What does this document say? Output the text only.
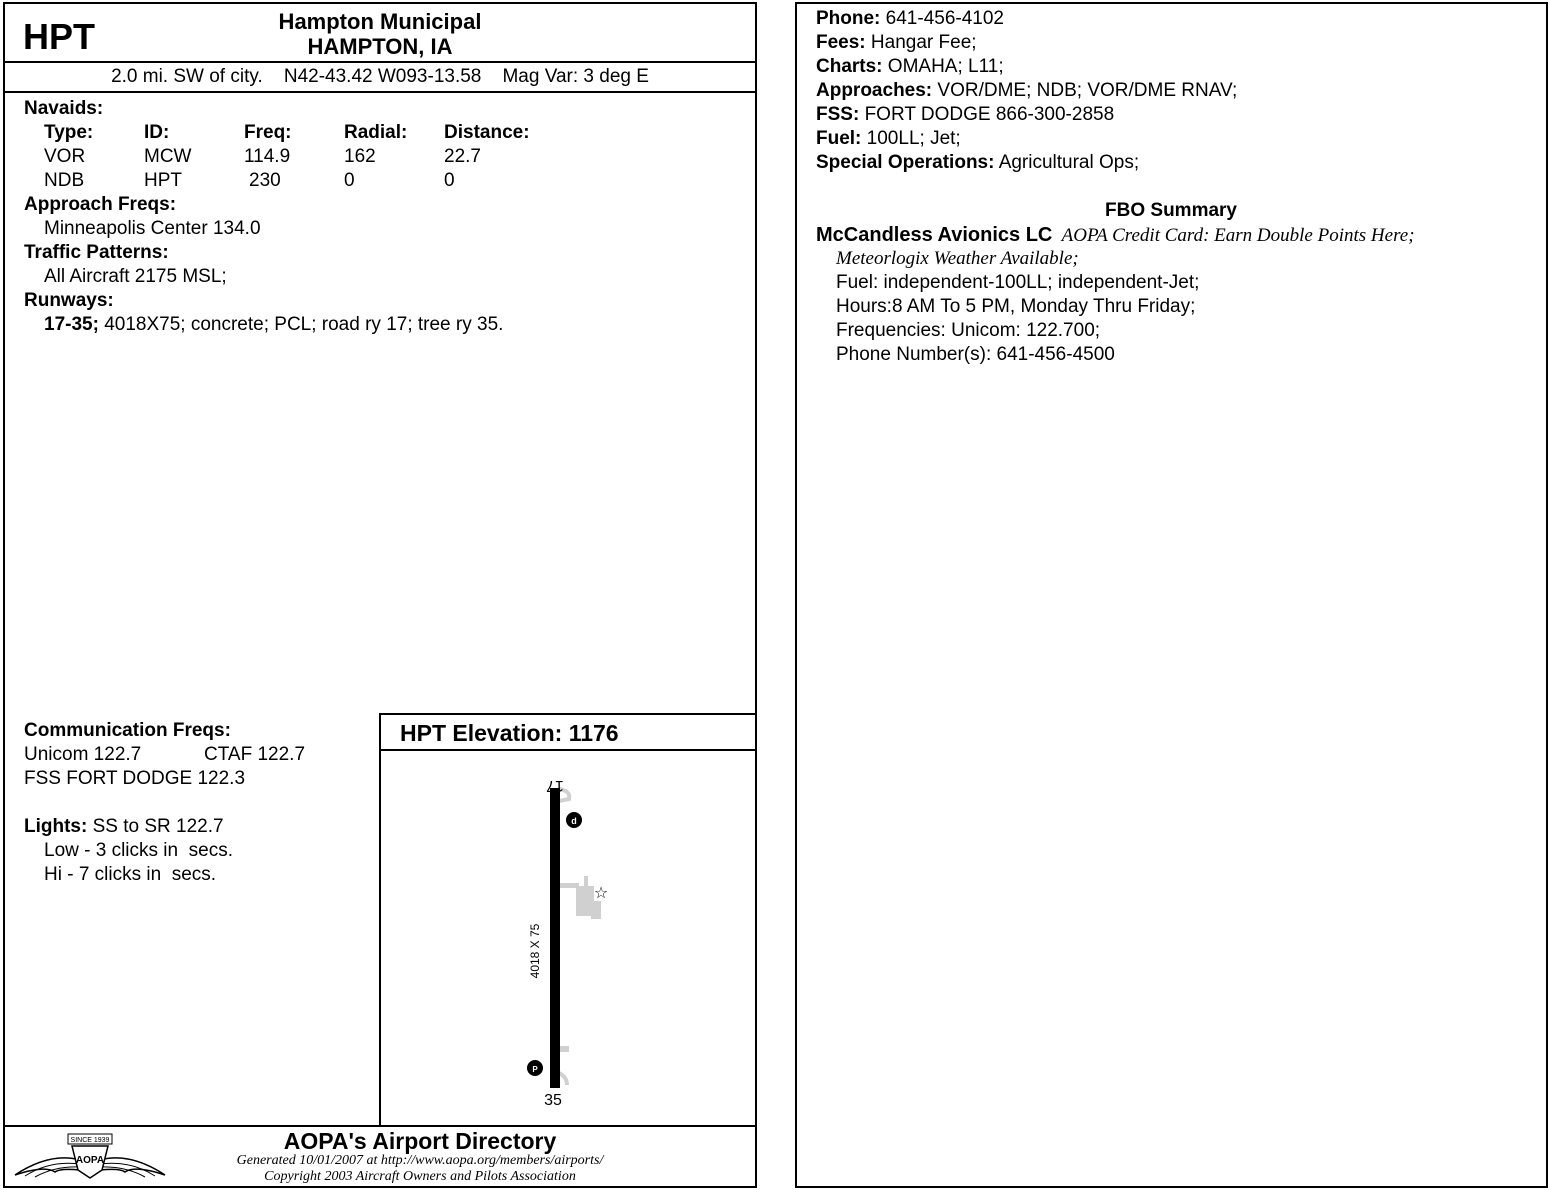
HPT	Hampton Municipal
HAMPTON, IA
2.0 mi. SW of city.    N42-43.42 W093-13.58    Mag Var: 3 deg E
Navaids:
Type:	ID:	Freq:	Radial: Distance:
VOR	MCW	114.9	162	22.7
NDB	HPT	230	0	0
Approach Freqs:
Minneapolis Center 134.0
Traffic Patterns:
All Aircraft 2175 MSL;
Runways:
17-35; 4018X75; concrete; PCL; road ry 17; tree ry 35.
Communication Freqs:
Unicom 122.7	CTAF 122.7
FSS FORT DODGE 122.3
Lights: SS to SR 122.7
Low - 3 clicks in  secs.
Hi - 7 clicks in  secs.
HPT Elevation: 1176
d
P
☆
17
35
4018 X 75
SINCE 1939
AOPA
AOPA's Airport Directory
Generated 10/01/2007 at http://www.aopa.org/members/airports/
Copyright 2003 Aircraft Owners and Pilots Association
Phone: 641-456-4102
Fees: Hangar Fee;
Charts: OMAHA; L11;
Approaches: VOR/DME; NDB; VOR/DME RNAV;
FSS: FORT DODGE 866-300-2858
Fuel: 100LL; Jet;
Special Operations: Agricultural Ops;
FBO Summary
McCandless Avionics LC AOPA Credit Card: Earn Double Points Here;
Meteorlogix Weather Available;
Fuel: independent-100LL; independent-Jet;
Hours:8 AM To 5 PM, Monday Thru Friday;
Frequencies: Unicom: 122.700;
Phone Number(s): 641-456-4500
